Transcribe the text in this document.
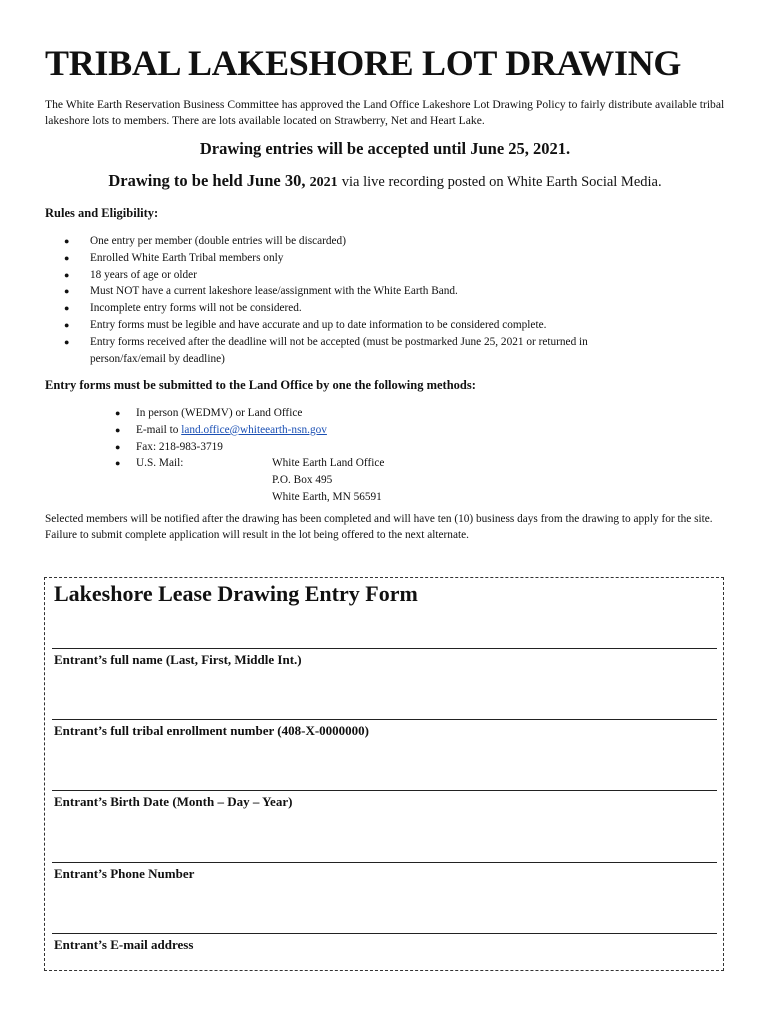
TRIBAL LAKESHORE LOT DRAWING

The White Earth Reservation Business Committee has approved the Land Office Lakeshore Lot Drawing Policy to fairly distribute available tribal lakeshore lots to members. There are lots available located on Strawberry, Net and Heart Lake.

Drawing entries will be accepted until June 25, 2021.

Drawing to be held June 30, 2021 via live recording posted on White Earth Social Media.

Rules and Eligibility:

● One entry per member (double entries will be discarded)
● Enrolled White Earth Tribal members only
● 18 years of age or older
● Must NOT have a current lakeshore lease/assignment with the White Earth Band.
● Incomplete entry forms will not be considered.
● Entry forms must be legible and have accurate and up to date information to be considered complete.
● Entry forms received after the deadline will not be accepted (must be postmarked June 25, 2021 or returned in person/fax/email by deadline)

Entry forms must be submitted to the Land Office by one the following methods:

● In person (WEDMV) or Land Office
● E-mail to land.office@whiteearth-nsn.gov
● Fax: 218-983-3719
● U.S. Mail:	White Earth Land Office
P.O. Box 495
White Earth, MN 56591

Selected members will be notified after the drawing has been completed and will have ten (10) business days from the drawing to apply for the site. Failure to submit complete application will result in the lot being offered to the next alternate.

Lakeshore Lease Drawing Entry Form
Entrant’s full name (Last, First, Middle Int.)
Entrant’s full tribal enrollment number (408-X-0000000)
Entrant’s Birth Date (Month – Day – Year)
Entrant’s Phone Number
Entrant’s E-mail address
